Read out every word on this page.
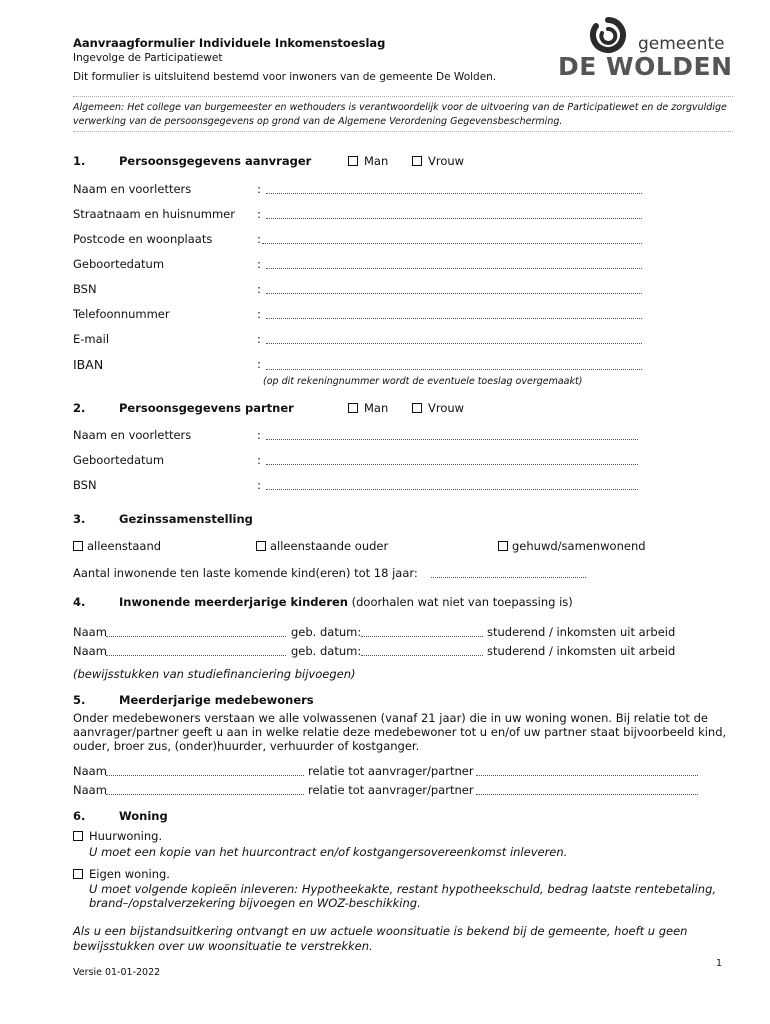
Aanvraagformulier Individuele Inkomenstoeslag
Ingevolge de Participatiewet
Dit formulier is uitsluitend bestemd voor inwoners van de gemeente De Wolden.
gemeente
DE WOLDEN
Algemeen: Het college van burgemeester en wethouders is verantwoordelijk voor de uitvoering van de Participatiewet en de zorgvuldige verwerking van de persoonsgegevens op grond van de Algemene Verordening Gegevensbescherming.
1.	Persoonsgegevens aanvrager	Man	Vrouw
Naam en voorletters	:
Straatnaam en huisnummer :
Postcode en woonplaats	:
Geboortedatum	:
BSN	:
Telefoonnummer	:
E-mail	:
IBAN	:
(op dit rekeningnummer wordt de eventuele toeslag overgemaakt)
2.	Persoonsgegevens partner	Man	Vrouw
Naam en voorletters	:
Geboortedatum	:
BSN	:
3.	Gezinssamenstelling
alleenstaand	alleenstaande ouder	gehuwd/samenwonend
Aantal inwonende ten laste komende kind(eren) tot 18 jaar:
4.	Inwonende meerderjarige kinderen (doorhalen wat niet van toepassing is)
Naam	geb. datum:	studerend / inkomsten uit arbeid
Naam	geb. datum:	studerend / inkomsten uit arbeid
(bewijsstukken van studiefinanciering bijvoegen)
5.	Meerderjarige medebewoners
Onder medebewoners verstaan we alle volwassenen (vanaf 21 jaar) die in uw woning wonen. Bij relatie tot de aanvrager/partner geeft u aan in welke relatie deze medebewoner tot u en/of uw partner staat bijvoorbeeld kind, ouder, broer zus, (onder)huurder, verhuurder of kostganger.
Naam	relatie tot aanvrager/partner
Naam	relatie tot aanvrager/partner
6.	Woning
Huurwoning.
U moet een kopie van het huurcontract en/of kostgangersovereenkomst inleveren.
Eigen woning.
U moet volgende kopieën inleveren: Hypotheekakte, restant hypotheekschuld, bedrag laatste rentebetaling, brand–/opstalverzekering bijvoegen en WOZ-beschikking.
Als u een bijstandsuitkering ontvangt en uw actuele woonsituatie is bekend bij de gemeente, hoeft u geen bewijsstukken over uw woonsituatie te verstrekken.
1
Versie 01-01-2022
